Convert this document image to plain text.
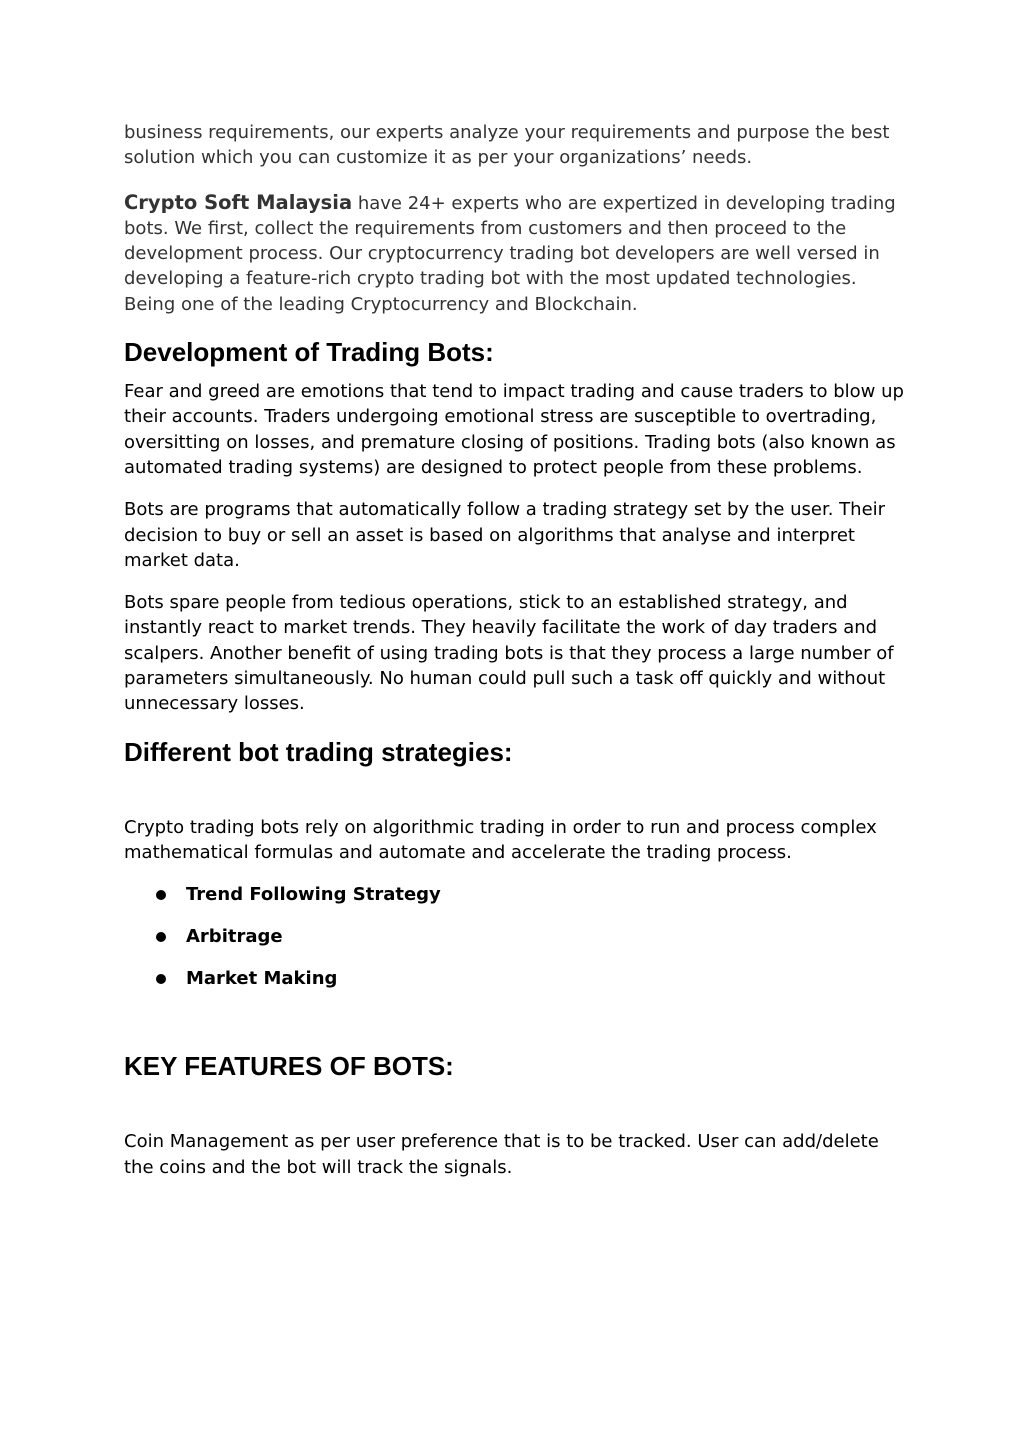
business requirements, our experts analyze your requirements and purpose the best solution which you can customize it as per your organizations’ needs.

Crypto Soft Malaysia have 24+ experts who are expertized in developing trading bots. We first, collect the requirements from customers and then proceed to the development process. Our cryptocurrency trading bot developers are well versed in developing a feature-rich crypto trading bot with the most updated technologies. Being one of the leading Cryptocurrency and Blockchain.

Development of Trading Bots:

Fear and greed are emotions that tend to impact trading and cause traders to blow up their accounts. Traders undergoing emotional stress are susceptible to overtrading, oversitting on losses, and premature closing of positions. Trading bots (also known as automated trading systems) are designed to protect people from these problems.

Bots are programs that automatically follow a trading strategy set by the user. Their decision to buy or sell an asset is based on algorithms that analyse and interpret market data.

Bots spare people from tedious operations, stick to an established strategy, and instantly react to market trends. They heavily facilitate the work of day traders and scalpers. Another benefit of using trading bots is that they process a large number of parameters simultaneously. No human could pull such a task off quickly and without unnecessary losses.

Different bot trading strategies:

Crypto trading bots rely on algorithmic trading in order to run and process complex mathematical formulas and automate and accelerate the trading process.

Trend Following Strategy
Arbitrage
Market Making
KEY FEATURES OF BOTS:

Coin Management as per user preference that is to be tracked. User can add/delete the coins and the bot will track the signals.
